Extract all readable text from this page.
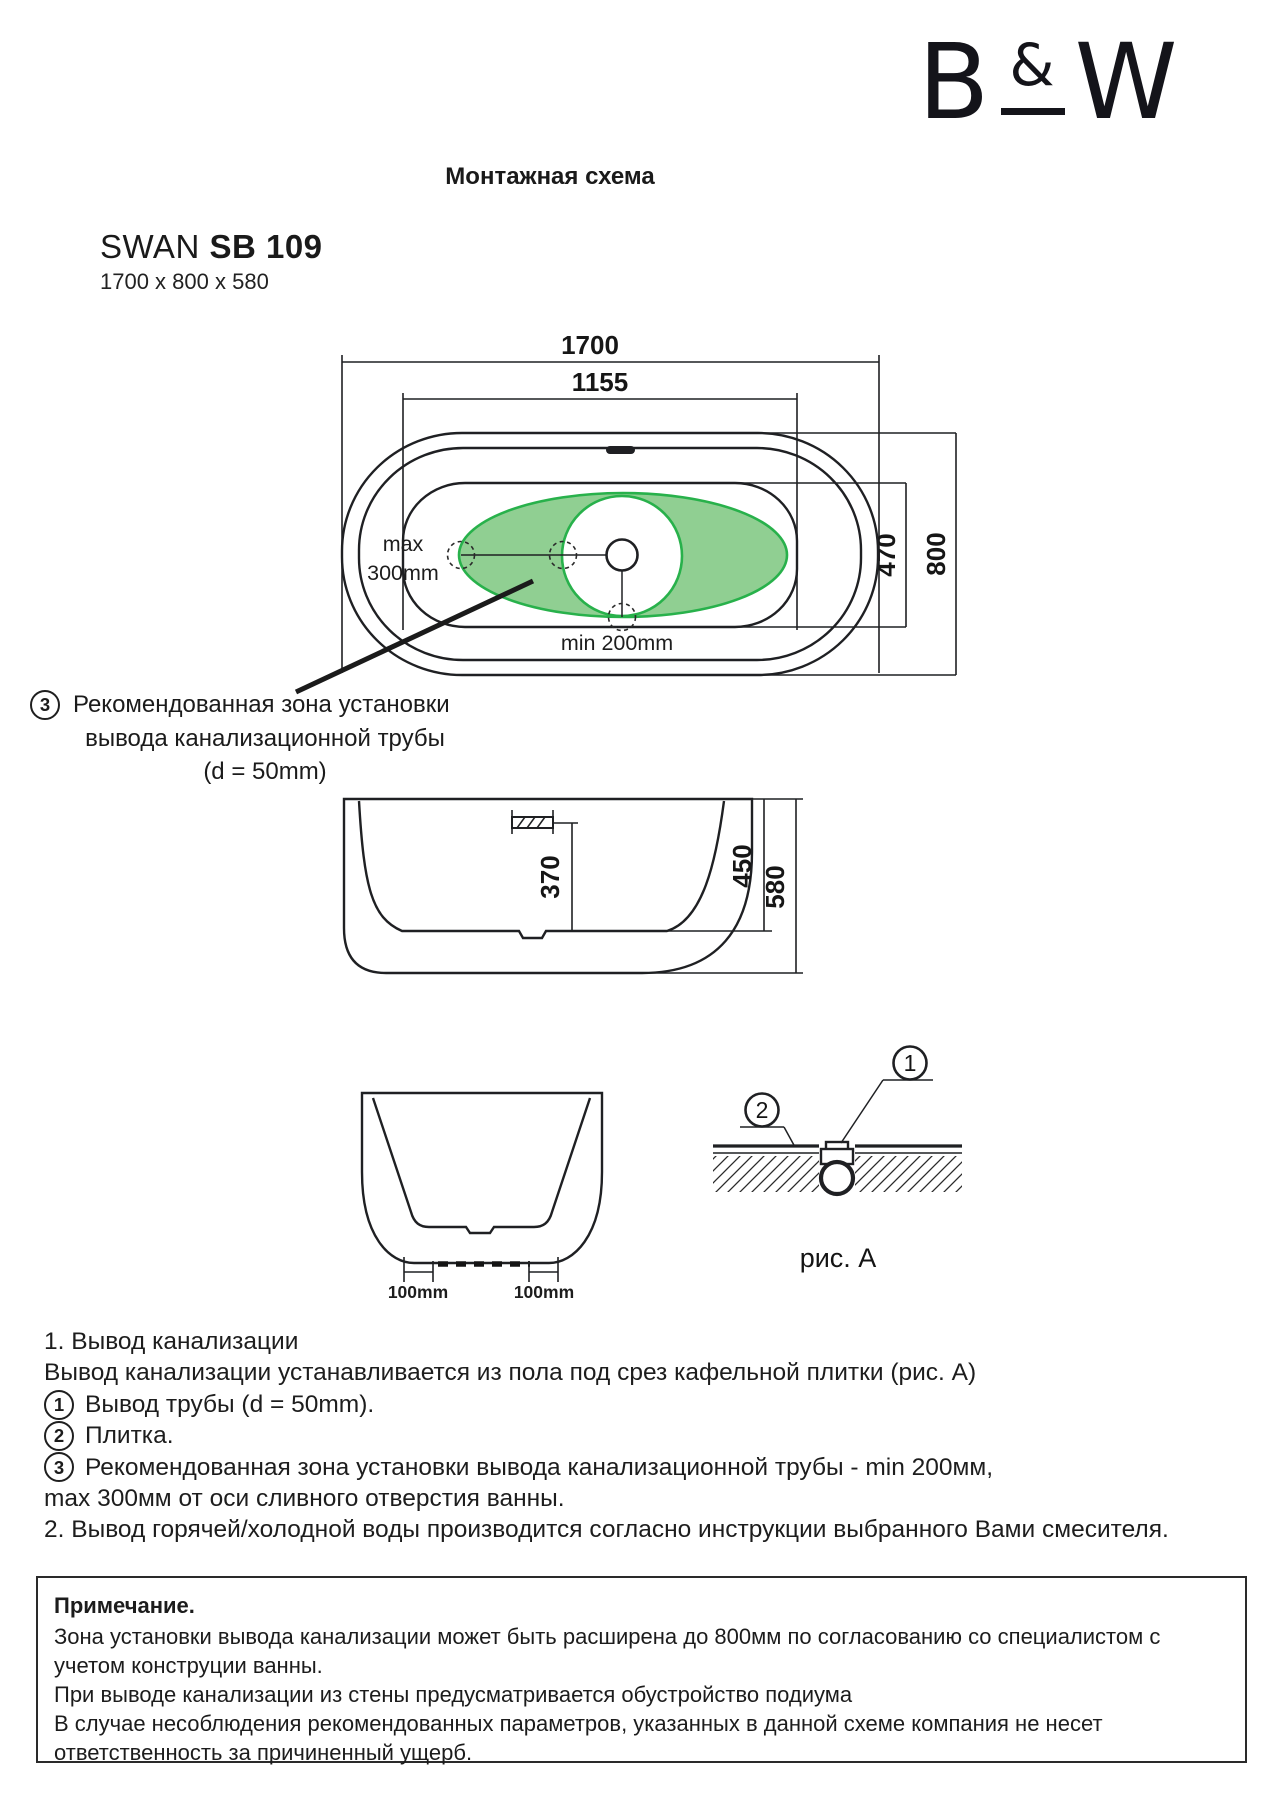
B & W
Монтажная схема
SWAN SB 109
1700 x 800 x 580
1700
1155
800
470
max
300mm
min 200mm
370	450 580
100mm	100mm
1
2
рис. А
3 Рекомендованная зона установки
вывода канализационной трубы
(d = 50mm)
1. Вывод канализации
Вывод канализации устанавливается из пола под срез кафельной плитки (рис. А)
1 Вывод трубы (d = 50mm).
2 Плитка.
3 Рекомендованная зона установки вывода канализационной трубы - min 200мм,
max 300мм от оси сливного отверстия ванны.
2. Вывод горячей/холодной воды производится согласно инструкции выбранного Вами смесителя.
Примечание.
Зона установки вывода канализации может быть расширена до 800мм по согласованию со специалистом с учетом конструции ванны.
При выводе канализации из стены предусматривается обустройство подиума
В случае несоблюдения рекомендованных параметров, указанных в данной схеме компания не несет ответственность за причиненный ущерб.
